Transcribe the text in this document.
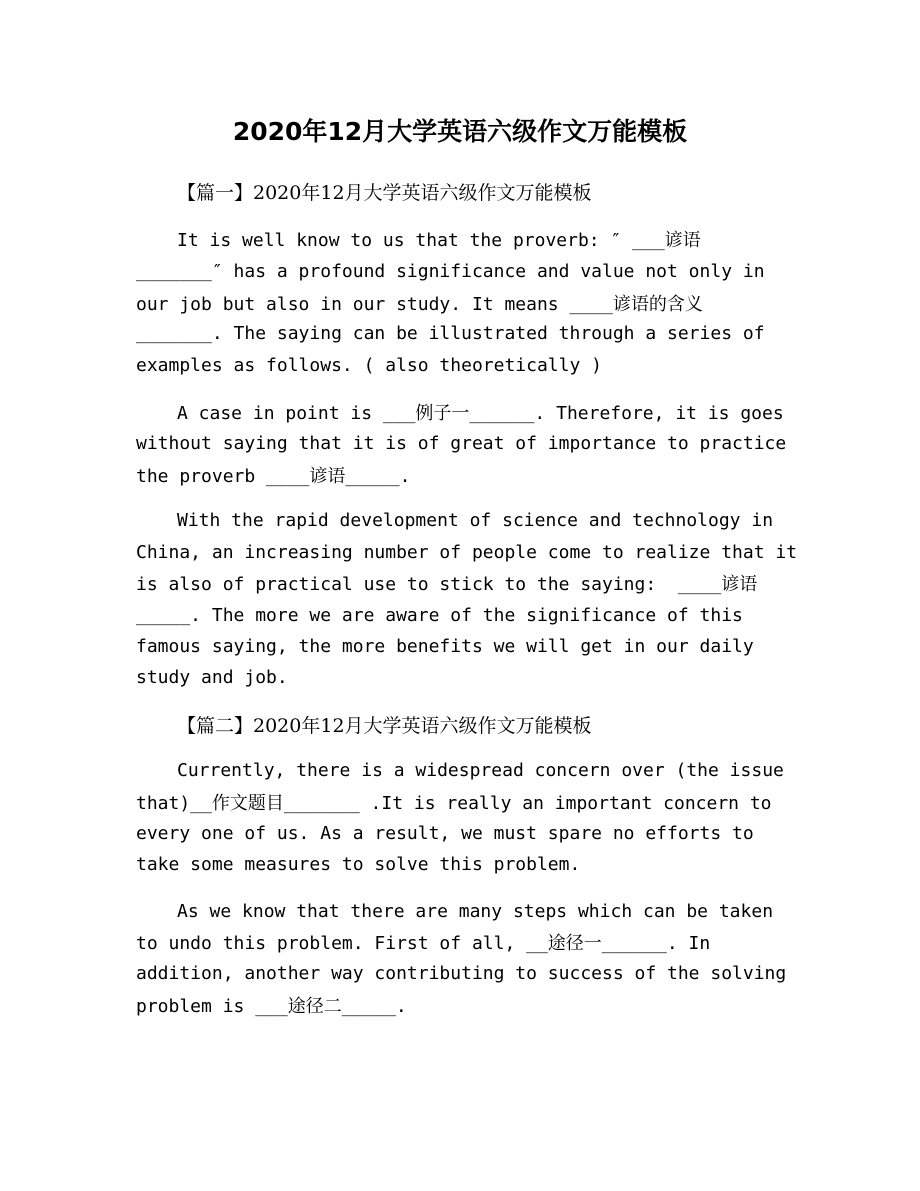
2020年12月大学英语六级作文万能模板
【篇一】2020年12月大学英语六级作文万能模板
It is well know to us that the proverb: ″ ___谚语
_______″ has a profound significance and value not only in
our job but also in our study. It means ____谚语的含义
_______. The saying can be illustrated through a series of
examples as follows. ( also theoretically )
A case in point is ___例子一______. Therefore, it is goes
without saying that it is of great of importance to practice
the proverb ____谚语_____.
With the rapid development of science and technology in
China, an increasing number of people come to realize that it
is also of practical use to stick to the saying:  ____谚语
_____. The more we are aware of the significance of this
famous saying, the more benefits we will get in our daily
study and job.
【篇二】2020年12月大学英语六级作文万能模板
Currently, there is a widespread concern over (the issue
that)__作文题目_______ .It is really an important concern to
every one of us. As a result, we must spare no efforts to
take some measures to solve this problem.
As we know that there are many steps which can be taken
to undo this problem. First of all, __途径一______. In
addition, another way contributing to success of the solving
problem is ___途径二_____.
